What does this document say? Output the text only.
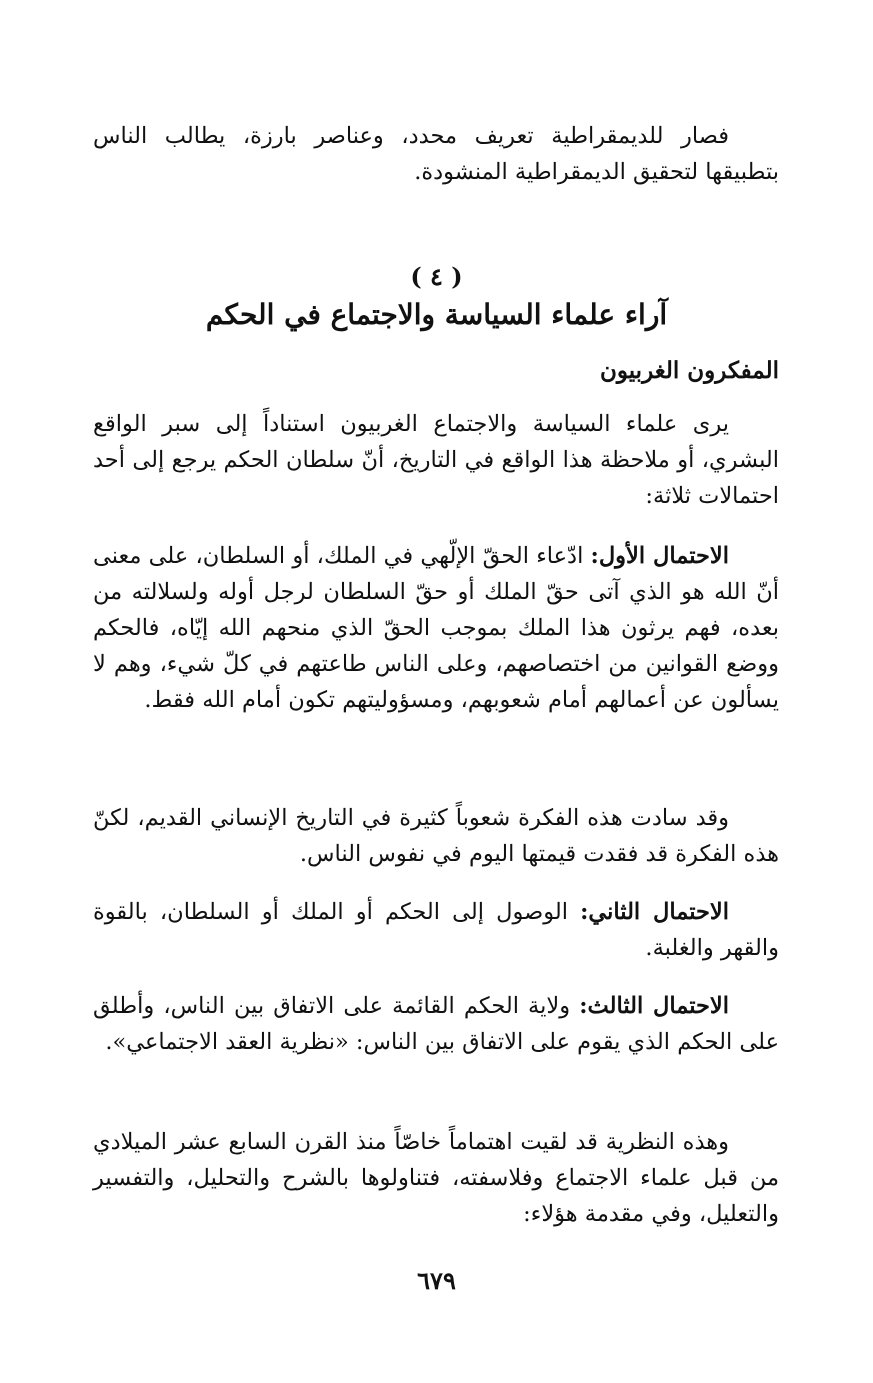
فصار للديمقراطية تعريف محدد، وعناصر بارزة، يطالب الناس بتطبيقها لتحقيق الديمقراطية المنشودة.

( ٤ )
آراء علماء السياسة والاجتماع في الحكم
المفكرون الغربيون

يرى علماء السياسة والاجتماع الغربيون استناداً إلى سبر الواقع البشري، أو ملاحظة هذا الواقع في التاريخ، أنّ سلطان الحكم يرجع إلى أحد احتمالات ثلاثة:

الاحتمال الأول: ادّعاء الحقّ الإلّهي في الملك، أو السلطان، على معنى أنّ الله هو الذي آتى حقّ الملك أو حقّ السلطان لرجل أوله ولسلالته من بعده، فهم يرثون هذا الملك بموجب الحقّ الذي منحهم الله إيّاه، فالحكم ووضع القوانين من اختصاصهم، وعلى الناس طاعتهم في كلّ شيء، وهم لا يسألون عن أعمالهم أمام شعوبهم، ومسؤوليتهم تكون أمام الله فقط.

وقد سادت هذه الفكرة شعوباً كثيرة في التاريخ الإنساني القديم، لكنّ هذه الفكرة قد فقدت قيمتها اليوم في نفوس الناس.

الاحتمال الثاني: الوصول إلى الحكم أو الملك أو السلطان، بالقوة والقهر والغلبة.

الاحتمال الثالث: ولاية الحكم القائمة على الاتفاق بين الناس، وأطلق على الحكم الذي يقوم على الاتفاق بين الناس: «نظرية العقد الاجتماعي».

وهذه النظرية قد لقيت اهتماماً خاصّاً منذ القرن السابع عشر الميلادي من قبل علماء الاجتماع وفلاسفته، فتناولوها بالشرح والتحليل، والتفسير والتعليل، وفي مقدمة هؤلاء:

٦٧٩
